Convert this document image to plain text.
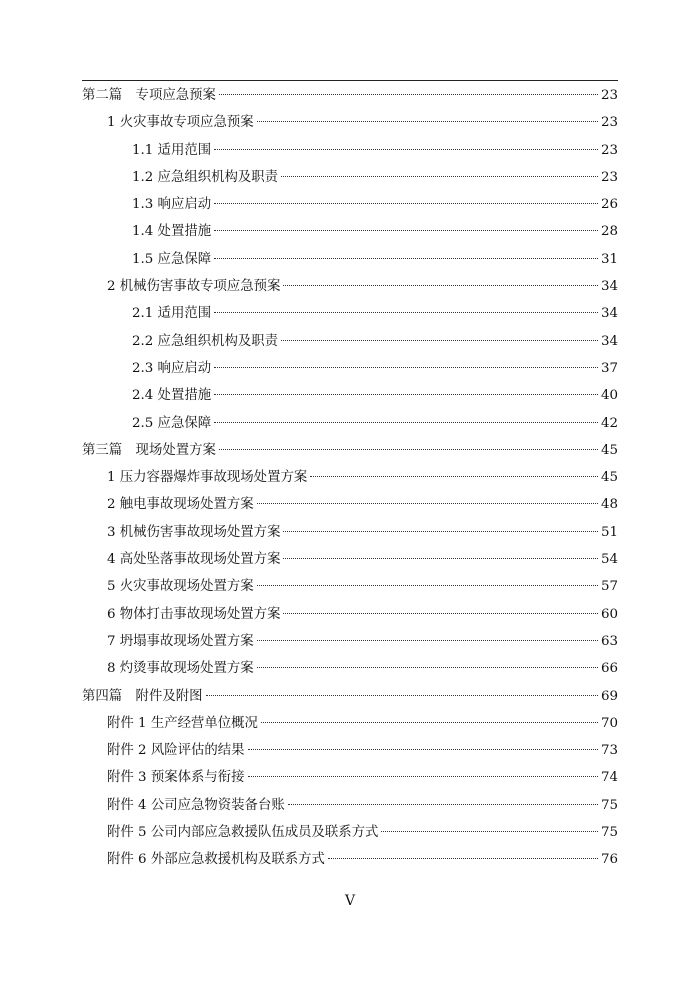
第二篇　专项应急预案	23
1 火灾事故专项应急预案	23
1.1 适用范围	23
1.2 应急组织机构及职责	23
1.3 响应启动	26
1.4 处置措施	28
1.5 应急保障	31
2 机械伤害事故专项应急预案	34
2.1 适用范围	34
2.2 应急组织机构及职责	34
2.3 响应启动	37
2.4 处置措施	40
2.5 应急保障	42
第三篇　现场处置方案	45
1 压力容器爆炸事故现场处置方案	45
2 触电事故现场处置方案	48
3 机械伤害事故现场处置方案	51
4 高处坠落事故现场处置方案	54
5 火灾事故现场处置方案	57
6 物体打击事故现场处置方案	60
7 坍塌事故现场处置方案	63
8 灼烫事故现场处置方案	66
第四篇　附件及附图	69
附件 1 生产经营单位概况	70
附件 2 风险评估的结果	73
附件 3 预案体系与衔接	74
附件 4 公司应急物资装备台账	75
附件 5 公司内部应急救援队伍成员及联系方式	75
附件 6 外部应急救援机构及联系方式	76
V
